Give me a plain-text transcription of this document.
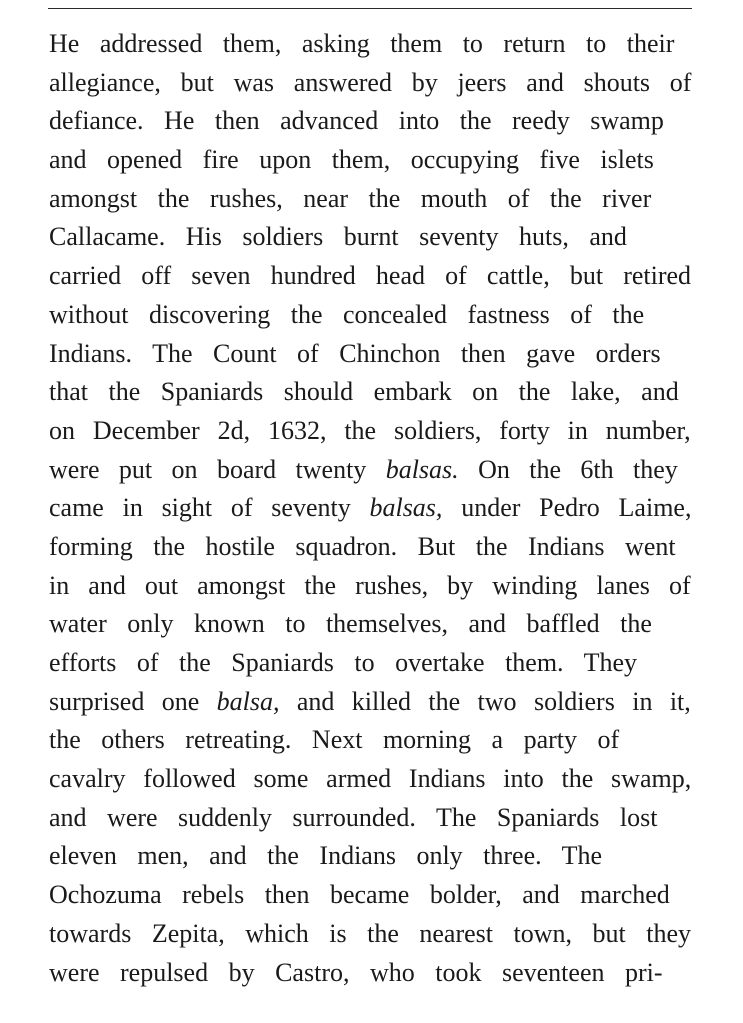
He addressed them, asking them to return to their
allegiance, but was answered by jeers and shouts of
defiance. He then advanced into the reedy swamp
and opened fire upon them, occupying five islets
amongst the rushes, near the mouth of the river
Callacame. His soldiers burnt seventy huts, and
carried off seven hundred head of cattle, but retired
without discovering the concealed fastness of the
Indians. The Count of Chinchon then gave orders
that the Spaniards should embark on the lake, and
on December 2d, 1632, the soldiers, forty in number,
were put on board twenty balsas. On the 6th they
came in sight of seventy balsas, under Pedro Laime,
forming the hostile squadron. But the Indians went
in and out amongst the rushes, by winding lanes of
water only known to themselves, and baffled the
efforts of the Spaniards to overtake them. They
surprised one balsa, and killed the two soldiers in it,
the others retreating. Next morning a party of
cavalry followed some armed Indians into the swamp,
and were suddenly surrounded. The Spaniards lost
eleven men, and the Indians only three. The
Ochozuma rebels then became bolder, and marched
towards Zepita, which is the nearest town, but they
were repulsed by Castro, who took seventeen pri-
